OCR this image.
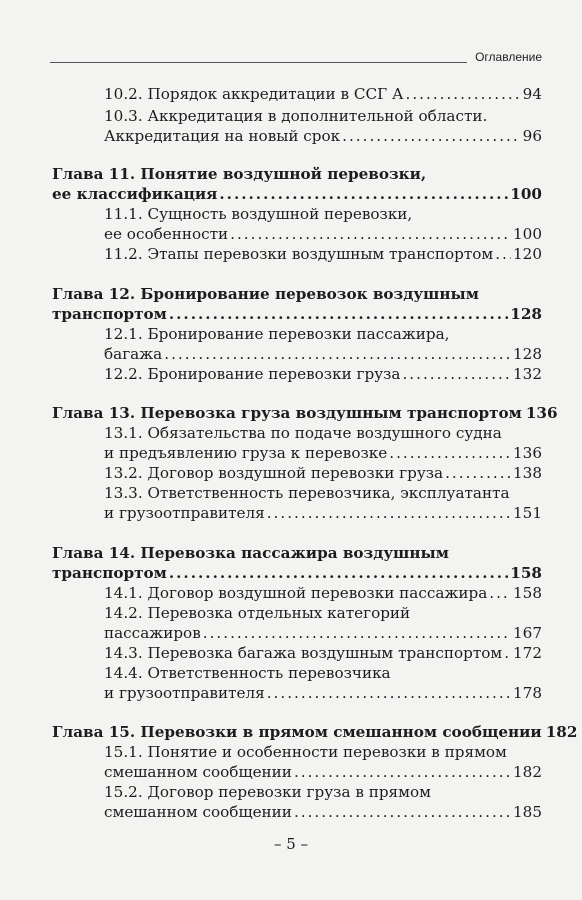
Оглавление
10.2. Порядок аккредитации в ССГ А .....	94
10.3. Аккредитация в дополнительной области.
Аккредитация на новый срок .....	96
Глава 11. Понятие воздушной перевозки,
ее классификация .....	100
11.1. Сущность воздушной перевозки,
ее особенности .....	100
11.2. Этапы перевозки воздушным транспортом ..... 120
Глава 12. Бронирование перевозок воздушным
транспортом .....	128
12.1. Бронирование перевозки пассажира,
багажа .....	128
12.2. Бронирование перевозки груза .....	132
Глава 13. Перевозка груза воздушным транспортом 136
13.1. Обязательства по подаче воздушного судна
и предъявлению груза к перевозке .....	136
13.2. Договор воздушной перевозки груза .....	138
13.3. Ответственность перевозчика, эксплуатанта
и грузоотправителя .....	151
Глава 14. Перевозка пассажира воздушным
транспортом .....	158
14.1. Договор воздушной перевозки пассажира ..... 158
14.2. Перевозка отдельных категорий
пассажиров .....	167
14.3. Перевозка багажа воздушным транспортом ..... 172
14.4. Ответственность перевозчика
и грузоотправителя .....	178
Глава 15. Перевозки в прямом смешанном сообщении 182
15.1. Понятие и особенности перевозки в прямом
смешанном сообщении .....	182
15.2. Договор перевозки груза в прямом
смешанном сообщении .....	185
– 5 –
